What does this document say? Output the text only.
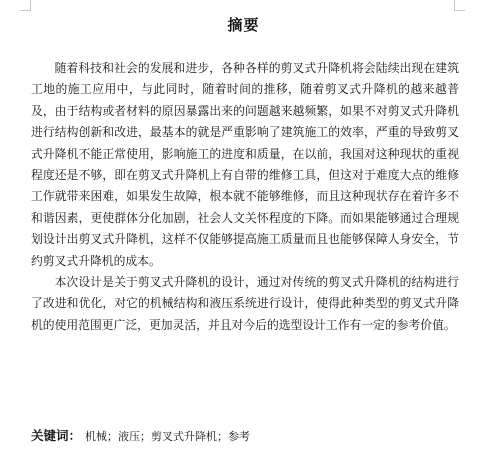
摘要

随着科技和社会的发展和进步，各种各样的剪叉式升降机将会陆续出现在建筑工地的施工应用中，与此同时，随着时间的推移，随着剪叉式升降机的越来越普及，由于结构或者材料的原因暴露出来的问题越来越频繁，如果不对剪叉式升降机进行结构创新和改进，最基本的就是严重影响了建筑施工的效率，严重的导致剪叉式升降机不能正常使用，影响施工的进度和质量，在以前，我国对这种现状的重视程度还是不够，即在剪叉式升降机上有自带的维修工具，但这对于难度大点的维修工作就带来困难，如果发生故障，根本就不能够维修，而且这种现状存在着许多不和谐因素，更使群体分化加剧，社会人文关怀程度的下降。而如果能够通过合理规划设计出剪叉式升降机，这样不仅能够提高施工质量而且也能够保障人身安全，节约剪叉式升降机的成本。

本次设计是关于剪叉式升降机的设计，通过对传统的剪叉式升降机的结构进行了改进和优化，对它的机械结构和液压系统进行设计，使得此种类型的剪叉式升降机的使用范围更广泛，更加灵活，并且对今后的选型设计工作有一定的参考价值。

关键词： 机械；液压；剪叉式升降机；参考
